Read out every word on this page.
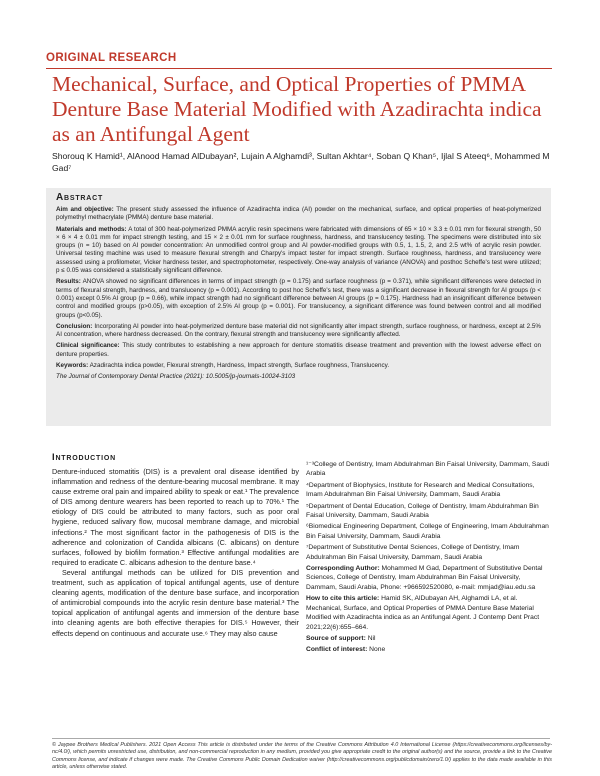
ORIGINAL RESEARCH
Mechanical, Surface, and Optical Properties of PMMA Denture Base Material Modified with Azadirachta indica as an Antifungal Agent
Shorouq K Hamid¹, AlAnood Hamad AlDubayan², Lujain A Alghamdi³, Sultan Akhtar⁴, Soban Q Khan⁵, Ijlal S Ateeq⁶, Mohammed M Gad⁷
Abstract

Aim and objective: The present study assessed the influence of Azadirachta indica (AI) powder on the mechanical, surface, and optical properties of heat-polymerized polymethyl methacrylate (PMMA) denture base material.

Materials and methods: A total of 300 heat-polymerized PMMA acrylic resin specimens were fabricated with dimensions of 65 × 10 × 3.3 ± 0.01 mm for flexural strength, 50 × 6 × 4 ± 0.01 mm for impact strength testing, and 15 × 2 ± 0.01 mm for surface roughness, hardness, and translucency testing. The specimens were distributed into six groups (n = 10) based on AI powder concentration: An unmodified control group and AI powder-modified groups with 0.5, 1, 1.5, 2, and 2.5 wt% of acrylic resin powder. Universal testing machine was used to measure flexural strength and Charpy's impact tester for impact strength. Surface roughness, hardness, and translucency were assessed using a profilometer, Vicker hardness tester, and spectrophotometer, respectively. One-way analysis of variance (ANOVA) and posthoc Scheffe's test were utilized; p ≤ 0.05 was considered a statistically significant difference.

Results: ANOVA showed no significant differences in terms of impact strength (p = 0.175) and surface roughness (p = 0.371), while significant differences were detected in terms of flexural strength, hardness, and translucency (p = 0.001). According to post hoc Scheffe's test, there was a significant decrease in flexural strength for AI groups (p < 0.001) except 0.5% AI group (p = 0.66), while impact strength had no significant difference between AI groups (p = 0.175). Hardness had an insignificant difference between control and modified groups (p>0.05), with exception of 2.5% AI group (p = 0.001). For translucency, a significant difference was found between control and all modified groups (p<0.05).

Conclusion: Incorporating AI powder into heat-polymerized denture base material did not significantly alter impact strength, surface roughness, or hardness, except at 2.5% AI concentration, where hardness decreased. On the contrary, flexural strength and translucency were significantly affected.

Clinical significance: This study contributes to establishing a new approach for denture stomatitis disease treatment and prevention with the lowest adverse effect on denture properties.

Keywords: Azadirachta indica powder, Flexural strength, Hardness, Impact strength, Surface roughness, Translucency.

The Journal of Contemporary Dental Practice (2021): 10.5005/jp-journals-10024-3103

Introduction

Denture-induced stomatitis (DIS) is a prevalent oral disease identified by inflammation and redness of the denture-bearing mucosal membrane. It may cause extreme oral pain and impaired ability to speak or eat.¹ The prevalence of DIS among denture wearers has been reported to reach up to 70%.¹ The etiology of DIS could be attributed to many factors, such as poor oral hygiene, reduced salivary flow, mucosal membrane damage, and microbial infections.² The most significant factor in the pathogenesis of DIS is the adherence and colonization of Candida albicans (C. albicans) on denture surfaces, followed by biofilm formation.³ Effective antifungal modalities are required to eradicate C. albicans adhesion to the denture base.⁴

Several antifungal methods can be utilized for DIS prevention and treatment, such as application of topical antifungal agents, use of denture cleaning agents, modification of the denture base surface, and incorporation of antimicrobial compounds into the acrylic resin denture base material.³ The topical application of antifungal agents and immersion of the denture base into cleaning agents are both effective therapies for DIS.⁵ However, their effects depend on continuous and accurate use.⁶ They may also cause

¹⁻³College of Dentistry, Imam Abdulrahman Bin Faisal University, Dammam, Saudi Arabia

⁴Department of Biophysics, Institute for Research and Medical Consultations, Imam Abdulrahman Bin Faisal University, Dammam, Saudi Arabia

⁵Department of Dental Education, College of Dentistry, Imam Abdulrahman Bin Faisal University, Dammam, Saudi Arabia

⁶Biomedical Engineering Department, College of Engineering, Imam Abdulrahman Bin Faisal University, Dammam, Saudi Arabia

⁷Department of Substitutive Dental Sciences, College of Dentistry, Imam Abdulrahman Bin Faisal University, Dammam, Saudi Arabia

Corresponding Author: Mohammed M Gad, Department of Substitutive Dental Sciences, College of Dentistry, Imam Abdulrahman Bin Faisal University, Dammam, Saudi Arabia, Phone: +966592520080, e-mail: mmjad@iau.edu.sa

How to cite this article: Hamid SK, AlDubayan AH, Alghamdi LA, et al. Mechanical, Surface, and Optical Properties of PMMA Denture Base Material Modified with Azadirachta indica as an Antifungal Agent. J Contemp Dent Pract 2021;22(6):655–664.

Source of support: Nil

Conflict of interest: None

© Jaypee Brothers Medical Publishers. 2021 Open Access This article is distributed under the terms of the Creative Commons Attribution 4.0 International License (https://creativecommons.org/licenses/by-nc/4.0/), which permits unrestricted use, distribution, and non-commercial reproduction in any medium, provided you give appropriate credit to the original author(s) and the source, provide a link to the Creative Commons license, and indicate if changes were made. The Creative Commons Public Domain Dedication waiver (http://creativecommons.org/publicdomain/zero/1.0/) applies to the data made available in this article, unless otherwise stated.
